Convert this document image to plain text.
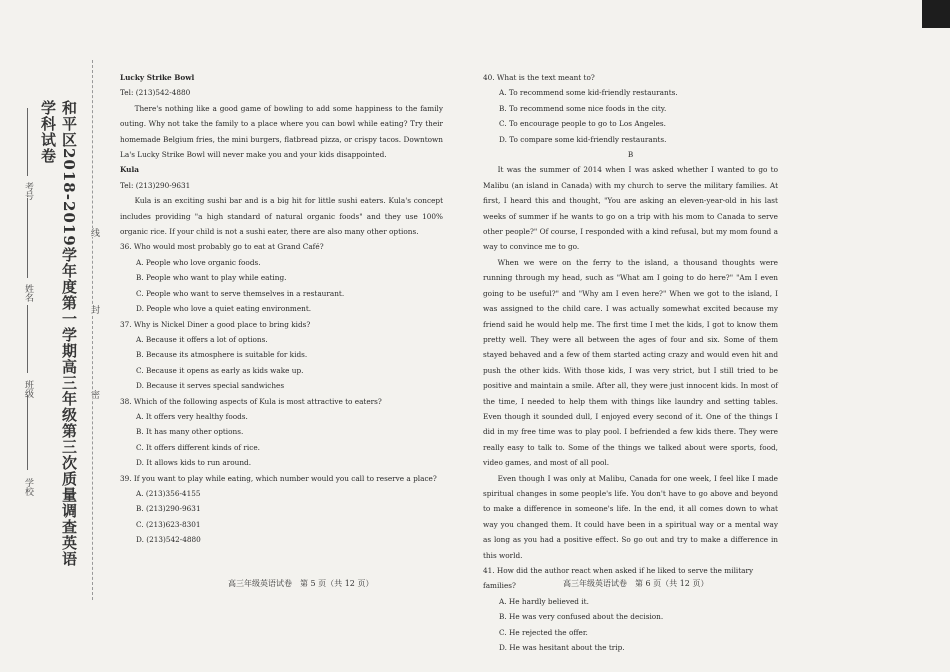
和平区2018-2019学年度第一学期高三年级第三次质量调查英语学科试卷
学校
班级
姓名
考号
线
封
密

Lucky Strike Bowl

Tel: (213)542-4880

There's nothing like a good game of bowling to add some happiness to the family outing. Why not take the family to a place where you can bowl while eating? Try their homemade Belgium fries, the mini burgers, flatbread pizza, or crispy tacos. Downtown La's Lucky Strike Bowl will never make you and your kids disappointed.

Kula

Tel: (213)290-9631

Kula is an exciting sushi bar and is a big hit for little sushi eaters. Kula's concept includes providing "a high standard of natural organic foods" and they use 100% organic rice. If your child is not a sushi eater, there are also many other options.

36. Who would most probably go to eat at Grand Café?

A. People who love organic foods.

B. People who want to play while eating.

C. People who want to serve themselves in a restaurant.

D. People who love a quiet eating environment.

37. Why is Nickel Diner a good place to bring kids?

A. Because it offers a lot of options.

B. Because its atmosphere is suitable for kids.

C. Because it opens as early as kids wake up.

D. Because it serves special sandwiches

38. Which of the following aspects of Kula is most attractive to eaters?

A. It offers very healthy foods.

B. It has many other options.

C. It offers different kinds of rice.

D. It allows kids to run around.

39. If you want to play while eating, which number would you call to reserve a place?

A. (213)356-4155

B. (213)290-9631

C. (213)623-8301

D. (213)542-4880

高三年级英语试卷　第 5 页（共 12 页）

40. What is the text meant to?

A. To recommend some kid-friendly restaurants.

B. To recommend some nice foods in the city.

C. To encourage people to go to Los Angeles.

D. To compare some kid-friendly restaurants.

B

It was the summer of 2014 when I was asked whether I wanted to go to Malibu (an island in Canada) with my church to serve the military families. At first, I heard this and thought, "You are asking an eleven-year-old in his last weeks of summer if he wants to go on a trip with his mom to Canada to serve other people?" Of course, I responded with a kind refusal, but my mom found a way to convince me to go.

When we were on the ferry to the island, a thousand thoughts were running through my head, such as "What am I going to do here?" "Am I even going to be useful?" and "Why am I even here?" When we got to the island, I was assigned to the child care. I was actually somewhat excited because my friend said he would help me. The first time I met the kids, I got to know them pretty well. They were all between the ages of four and six. Some of them stayed behaved and a few of them started acting crazy and would even hit and push the other kids. With those kids, I was very strict, but I still tried to be positive and maintain a smile. After all, they were just innocent kids. In most of the time, I needed to help them with things like laundry and setting tables. Even though it sounded dull, I enjoyed every second of it. One of the things I did in my free time was to play pool. I befriended a few kids there. They were really easy to talk to. Some of the things we talked about were sports, food, video games, and most of all pool.

Even though I was only at Malibu, Canada for one week, I feel like I made spiritual changes in some people's life. You don't have to go above and beyond to make a difference in someone's life. In the end, it all comes down to what way you changed them. It could have been in a spiritual way or a mental way as long as you had a positive effect. So go out and try to make a difference in this world.

41. How did the author react when asked if he liked to serve the military families?

A. He hardly believed it.

B. He was very confused about the decision.

C. He rejected the offer.

D. He was hesitant about the trip.

高三年级英语试卷　第 6 页（共 12 页）
